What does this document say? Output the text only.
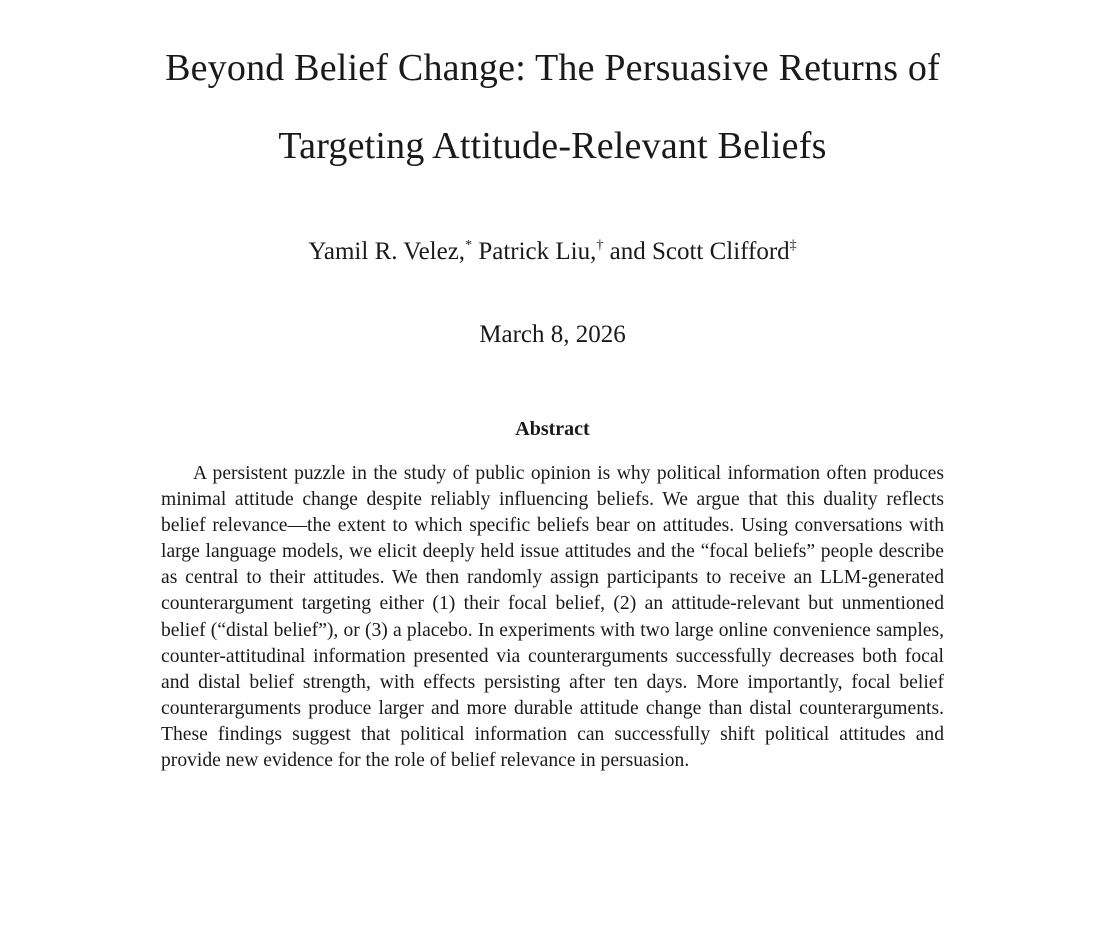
Beyond Belief Change: The Persuasive Returns of
Targeting Attitude-Relevant Beliefs
Yamil R. Velez,* Patrick Liu,† and Scott Clifford‡
March 8, 2026
Abstract

A persistent puzzle in the study of public opinion is why political information often produces minimal attitude change despite reliably influencing beliefs. We argue that this duality reflects belief relevance—the extent to which specific beliefs bear on attitudes. Using conversations with large language models, we elicit deeply held issue attitudes and the “focal beliefs” people describe as central to their attitudes. We then randomly assign participants to receive an LLM-generated counterargument targeting either (1) their focal belief, (2) an attitude-relevant but unmentioned belief (“distal belief”), or (3) a placebo. In experiments with two large online convenience samples, counter-attitudinal information presented via counterarguments successfully decreases both focal and distal belief strength, with effects persisting after ten days. More importantly, focal belief counterarguments produce larger and more durable attitude change than distal counterarguments. These findings suggest that political information can successfully shift political attitudes and provide new evidence for the role of belief relevance in persuasion.
